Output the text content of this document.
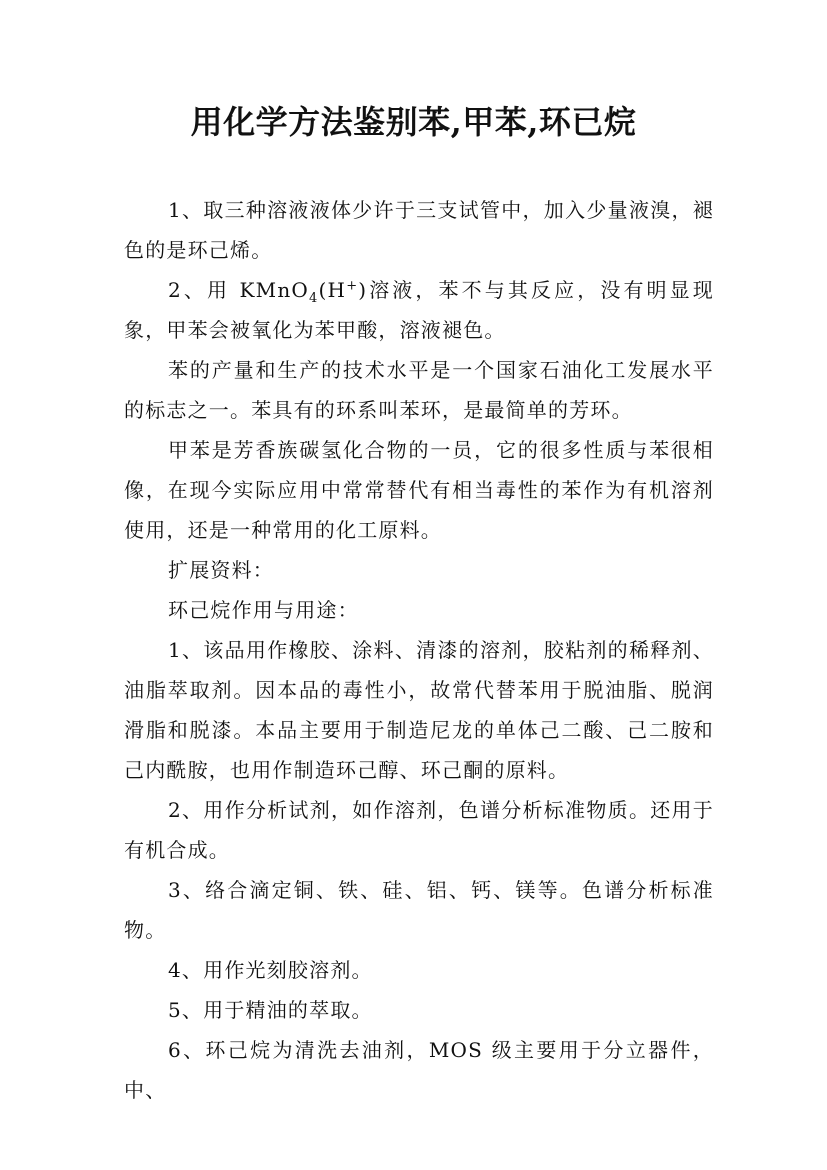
用化学方法鉴别苯,甲苯,环已烷

1、取三种溶液液体少许于三支试管中，加入少量液溴，褪色的是环己烯。

2、用 KMnO$_4$(H+)溶液，苯不与其反应，没有明显现象，甲苯会被氧化为苯甲酸，溶液褪色。

苯的产量和生产的技术水平是一个国家石油化工发展水平的标志之一。苯具有的环系叫苯环，是最简单的芳环。

甲苯是芳香族碳氢化合物的一员，它的很多性质与苯很相像，在现今实际应用中常常替代有相当毒性的苯作为有机溶剂使用，还是一种常用的化工原料。

扩展资料：

环己烷作用与用途：

1、该品用作橡胶、涂料、清漆的溶剂，胶粘剂的稀释剂、油脂萃取剂。因本品的毒性小，故常代替苯用于脱油脂、脱润滑脂和脱漆。本品主要用于制造尼龙的单体己二酸、己二胺和己内酰胺，也用作制造环己醇、环己酮的原料。

2、用作分析试剂，如作溶剂，色谱分析标准物质。还用于有机合成。

3、络合滴定铜、铁、硅、铝、钙、镁等。色谱分析标准物。

4、用作光刻胶溶剂。

5、用于精油的萃取。

6、环己烷为清洗去油剂，MOS 级主要用于分立器件，中、
